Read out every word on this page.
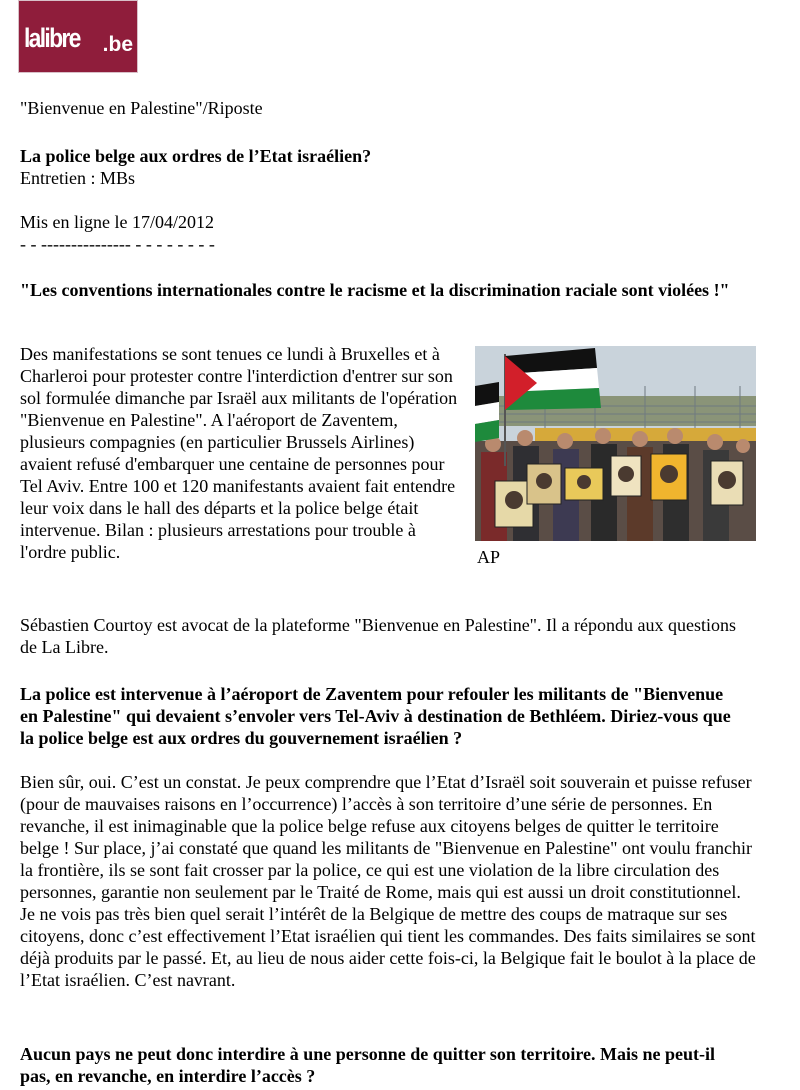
lalibre .be

"Bienvenue en Palestine"/Riposte

La police belge aux ordres de l’Etat israélien?

Entretien : MBs

Mis en ligne le 17/04/2012

- - --------------- - - - - - - - -

"Les conventions internationales contre le racisme et la discrimination raciale sont violées !"

Des manifestations se sont tenues ce lundi à Bruxelles et à Charleroi pour protester contre l'interdiction d'entrer sur son sol formulée dimanche par Israël aux militants de l'opération "Bienvenue en Palestine". A l'aéroport de Zaventem, plusieurs compagnies (en particulier Brussels Airlines) avaient refusé d'embarquer une centaine de personnes pour Tel Aviv. Entre 100 et 120 manifestants avaient fait entendre leur voix dans le hall des départs et la police belge était intervenue. Bilan : plusieurs arrestations pour trouble à l'ordre public.	AP

Sébastien Courtoy est avocat de la plateforme "Bienvenue en Palestine". Il a répondu aux questions de La Libre.

La police est intervenue à l’aéroport de Zaventem pour refouler les militants de "Bienvenue en Palestine" qui devaient s’envoler vers Tel-Aviv à destination de Bethléem. Diriez-vous que la police belge est aux ordres du gouvernement israélien ?

Bien sûr, oui. C’est un constat. Je peux comprendre que l’Etat d’Israël soit souverain et puisse refuser (pour de mauvaises raisons en l’occurrence) l’accès à son territoire d’une série de personnes. En revanche, il est inimaginable que la police belge refuse aux citoyens belges de quitter le territoire belge ! Sur place, j’ai constaté que quand les militants de "Bienvenue en Palestine" ont voulu franchir la frontière, ils se sont fait crosser par la police, ce qui est une violation de la libre circulation des personnes, garantie non seulement par le Traité de Rome, mais qui est aussi un droit constitutionnel. Je ne vois pas très bien quel serait l’intérêt de la Belgique de mettre des coups de matraque sur ses citoyens, donc c’est effectivement l’Etat israélien qui tient les commandes. Des faits similaires se sont déjà produits par le passé. Et, au lieu de nous aider cette fois-ci, la Belgique fait le boulot à la place de l’Etat israélien. C’est navrant.

Aucun pays ne peut donc interdire à une personne de quitter son territoire. Mais ne peut-il pas, en revanche, en interdire l’accès ?
